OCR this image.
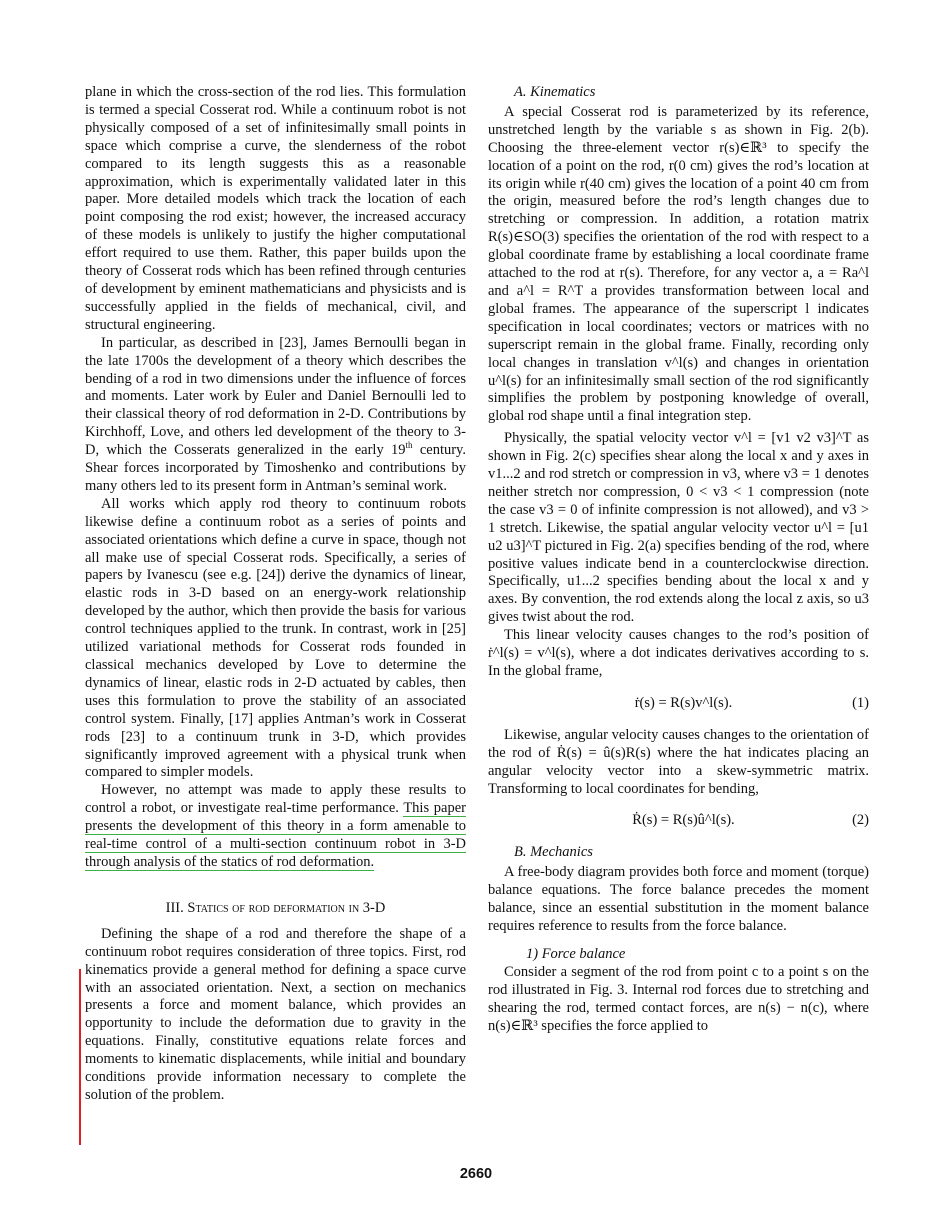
plane in which the cross-section of the rod lies. This formulation is termed a special Cosserat rod. While a continuum robot is not physically composed of a set of infinitesimally small points in space which comprise a curve, the slenderness of the robot compared to its length suggests this as a reasonable approximation, which is experimentally validated later in this paper. More detailed models which track the location of each point composing the rod exist; however, the increased accuracy of these models is unlikely to justify the higher computational effort required to use them. Rather, this paper builds upon the theory of Cosserat rods which has been refined through centuries of development by eminent mathematicians and physicists and is successfully applied in the fields of mechanical, civil, and structural engineering.

In particular, as described in [23], James Bernoulli began in the late 1700s the development of a theory which describes the bending of a rod in two dimensions under the influence of forces and moments. Later work by Euler and Daniel Bernoulli led to their classical theory of rod deformation in 2-D. Contributions by Kirchhoff, Love, and others led development of the theory to 3-D, which the Cosserats generalized in the early 19th century. Shear forces incorporated by Timoshenko and contributions by many others led to its present form in Antman’s seminal work.

All works which apply rod theory to continuum robots likewise define a continuum robot as a series of points and associated orientations which define a curve in space, though not all make use of special Cosserat rods. Specifically, a series of papers by Ivanescu (see e.g. [24]) derive the dynamics of linear, elastic rods in 3-D based on an energy-work relationship developed by the author, which then provide the basis for various control techniques applied to the trunk. In contrast, work in [25] utilized variational methods for Cosserat rods founded in classical mechanics developed by Love to determine the dynamics of linear, elastic rods in 2-D actuated by cables, then uses this formulation to prove the stability of an associated control system. Finally, [17] applies Antman’s work in Cosserat rods [23] to a continuum trunk in 3-D, which provides significantly improved agreement with a physical trunk when compared to simpler models.

However, no attempt was made to apply these results to control a robot, or investigate real-time performance. This paper presents the development of this theory in a form amenable to real-time control of a multi-section continuum robot in 3-D through analysis of the statics of rod deformation.

III. Statics of rod deformation in 3-D

Defining the shape of a rod and therefore the shape of a continuum robot requires consideration of three topics. First, rod kinematics provide a general method for defining a space curve with an associated orientation. Next, a section on mechanics presents a force and moment balance, which provides an opportunity to include the deformation due to gravity in the equations. Finally, constitutive equations relate forces and moments to kinematic displacements, while initial and boundary conditions provide information necessary to complete the solution of the problem.

A. Kinematics

A special Cosserat rod is parameterized by its reference, unstretched length by the variable s as shown in Fig. 2(b). Choosing the three-element vector r(s)∈ℝ³ to specify the location of a point on the rod, r(0 cm) gives the rod’s location at its origin while r(40 cm) gives the location of a point 40 cm from the origin, measured before the rod’s length changes due to stretching or compression. In addition, a rotation matrix R(s)∈SO(3) specifies the orientation of the rod with respect to a global coordinate frame by establishing a local coordinate frame attached to the rod at r(s). Therefore, for any vector a, a = Ra^l and a^l = R^T a provides transformation between local and global frames. The appearance of the superscript l indicates specification in local coordinates; vectors or matrices with no superscript remain in the global frame. Finally, recording only local changes in translation v^l(s) and changes in orientation u^l(s) for an infinitesimally small section of the rod significantly simplifies the problem by postponing knowledge of overall, global rod shape until a final integration step.

Physically, the spatial velocity vector v^l = [v1 v2 v3]^T as shown in Fig. 2(c) specifies shear along the local x and y axes in v1...2 and rod stretch or compression in v3, where v3 = 1 denotes neither stretch nor compression, 0 < v3 < 1 compression (note the case v3 = 0 of infinite compression is not allowed), and v3 > 1 stretch. Likewise, the spatial angular velocity vector u^l = [u1 u2 u3]^T pictured in Fig. 2(a) specifies bending of the rod, where positive values indicate bend in a counterclockwise direction. Specifically, u1...2 specifies bending about the local x and y axes. By convention, the rod extends along the local z axis, so u3 gives twist about the rod.

This linear velocity causes changes to the rod’s position of ṙ^l(s) = v^l(s), where a dot indicates derivatives according to s. In the global frame,

ṙ(s) = R(s)v^l(s).	(1)

Likewise, angular velocity causes changes to the orientation of the rod of Ṙ(s) = û(s)R(s) where the hat indicates placing an angular velocity vector into a skew-symmetric matrix. Transforming to local coordinates for bending,

Ṙ(s) = R(s)û^l(s).	(2)
B. Mechanics

A free-body diagram provides both force and moment (torque) balance equations. The force balance precedes the moment balance, since an essential substitution in the moment balance requires reference to results from the force balance.

1) Force balance

Consider a segment of the rod from point c to a point s on the rod illustrated in Fig. 3. Internal rod forces due to stretching and shearing the rod, termed contact forces, are n(s) − n(c), where n(s)∈ℝ³ specifies the force applied to

2660
